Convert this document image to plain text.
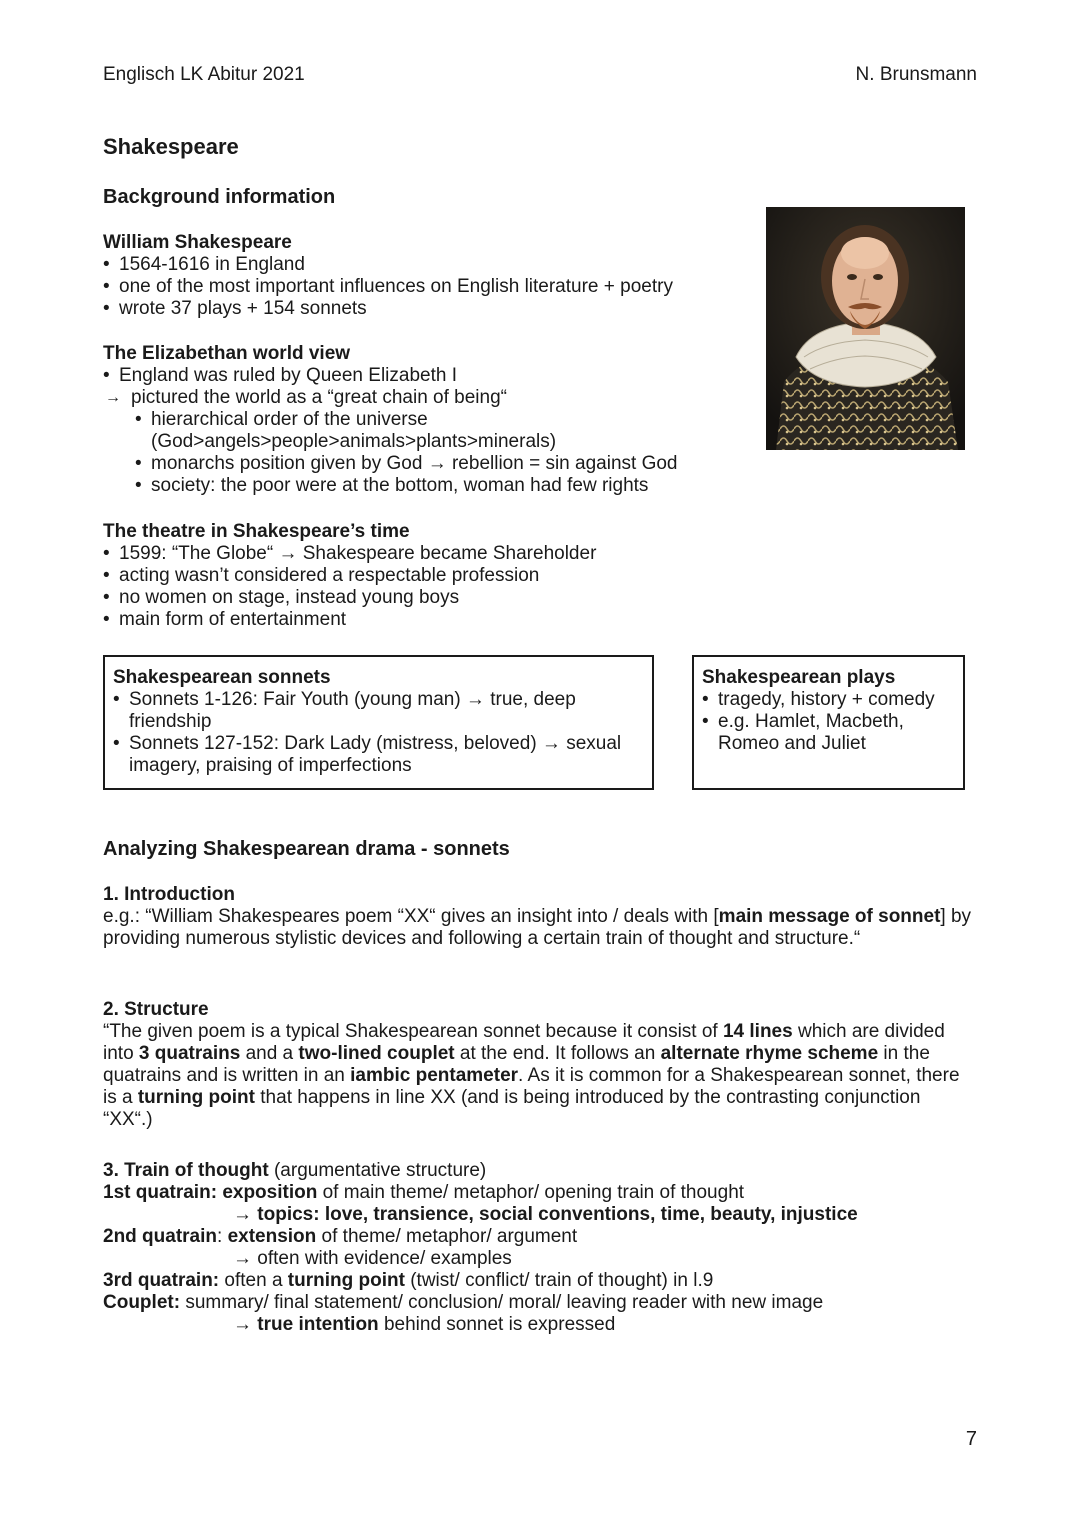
Englisch LK Abitur 2021	N. Brunsmann
Shakespeare
Background information
William Shakespeare
• 1564-1616 in England
• one of the most important influences on English literature + poetry
• wrote 37 plays + 154 sonnets
The Elizabethan world view
• England was ruled by Queen Elizabeth I
→ pictured the world as a “great chain of being“
• hierarchical order of the universe
(God>angels>people>animals>plants>minerals)
• monarchs position given by God → rebellion = sin against God
• society: the poor were at the bottom, woman had few rights
The theatre in Shakespeare’s time
• 1599: “The Globe“ → Shakespeare became Shareholder
• acting wasn’t considered a respectable profession
• no women on stage, instead young boys
• main form of entertainment
Shakespearean sonnets
• Sonnets 1-126: Fair Youth (young man) → true, deep friendship
• Sonnets 127-152: Dark Lady (mistress, beloved) → sexual imagery, praising of imperfections
Shakespearean plays
• tragedy, history + comedy
• e.g. Hamlet, Macbeth, Romeo and Juliet
Analyzing Shakespearean drama - sonnets
1. Introduction

e.g.: “William Shakespeares poem “XX“ gives an insight into / deals with [main message of sonnet] by providing numerous stylistic devices and following a certain train of thought and structure.“

2. Structure

“The given poem is a typical Shakespearean sonnet because it consist of 14 lines which are divided into 3 quatrains and a two-lined couplet at the end. It follows an alternate rhyme scheme in the quatrains and is written in an iambic pentameter. As it is common for a Shakespearean sonnet, there is a turning point that happens in line XX (and is being introduced by the contrasting conjunction “XX“.)

3. Train of thought (argumentative structure)

1st quatrain: exposition of main theme/ metaphor/ opening train of thought

→ topics: love, transience, social conventions, time, beauty, injustice

2nd quatrain: extension of theme/ metaphor/ argument

→ often with evidence/ examples

3rd quatrain: often a turning point (twist/ conflict/ train of thought) in l.9

Couplet: summary/ final statement/ conclusion/ moral/ leaving reader with new image

→ true intention behind sonnet is expressed

7
